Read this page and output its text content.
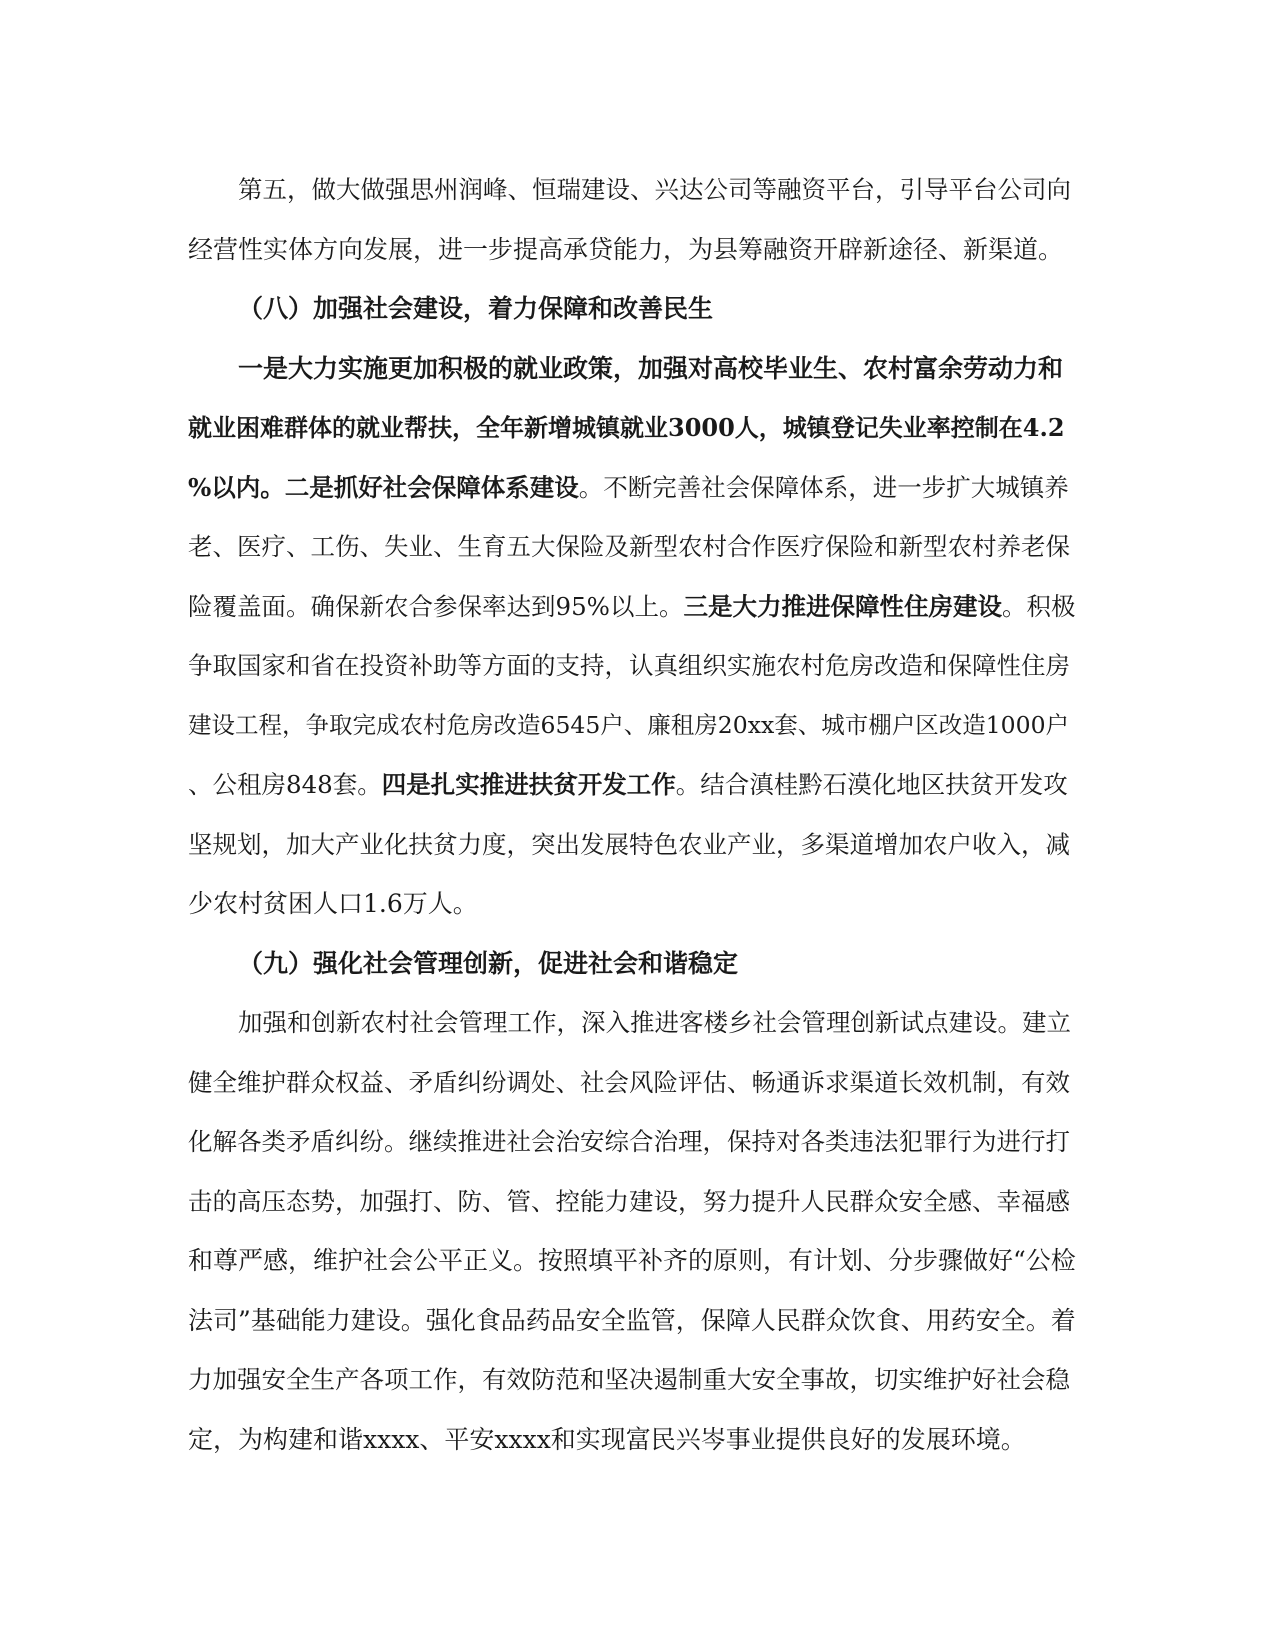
第五，做大做强思州润峰、恒瑞建设、兴达公司等融资平台，引导平台公司向
经营性实体方向发展，进一步提高承贷能力，为县筹融资开辟新途径、新渠道。
（八）加强社会建设，着力保障和改善民生
一是大力实施更加积极的就业政策，加强对高校毕业生、农村富余劳动力和
就业困难群体的就业帮扶，全年新增城镇就业3000人，城镇登记失业率控制在4.2
%以内。二是抓好社会保障体系建设。不断完善社会保障体系，进一步扩大城镇养
老、医疗、工伤、失业、生育五大保险及新型农村合作医疗保险和新型农村养老保
险覆盖面。确保新农合参保率达到95%以上。三是大力推进保障性住房建设。积极
争取国家和省在投资补助等方面的支持，认真组织实施农村危房改造和保障性住房
建设工程，争取完成农村危房改造6545户、廉租房20xx套、城市棚户区改造1000户
、公租房848套。四是扎实推进扶贫开发工作。结合滇桂黔石漠化地区扶贫开发攻
坚规划，加大产业化扶贫力度，突出发展特色农业产业，多渠道增加农户收入，减
少农村贫困人口1.6万人。
（九）强化社会管理创新，促进社会和谐稳定
加强和创新农村社会管理工作，深入推进客楼乡社会管理创新试点建设。建立
健全维护群众权益、矛盾纠纷调处、社会风险评估、畅通诉求渠道长效机制，有效
化解各类矛盾纠纷。继续推进社会治安综合治理，保持对各类违法犯罪行为进行打
击的高压态势，加强打、防、管、控能力建设，努力提升人民群众安全感、幸福感
和尊严感，维护社会公平正义。按照填平补齐的原则，有计划、分步骤做好“公检
法司”基础能力建设。强化食品药品安全监管，保障人民群众饮食、用药安全。着
力加强安全生产各项工作，有效防范和坚决遏制重大安全事故，切实维护好社会稳
定，为构建和谐xxxx、平安xxxx和实现富民兴岑事业提供良好的发展环境。
